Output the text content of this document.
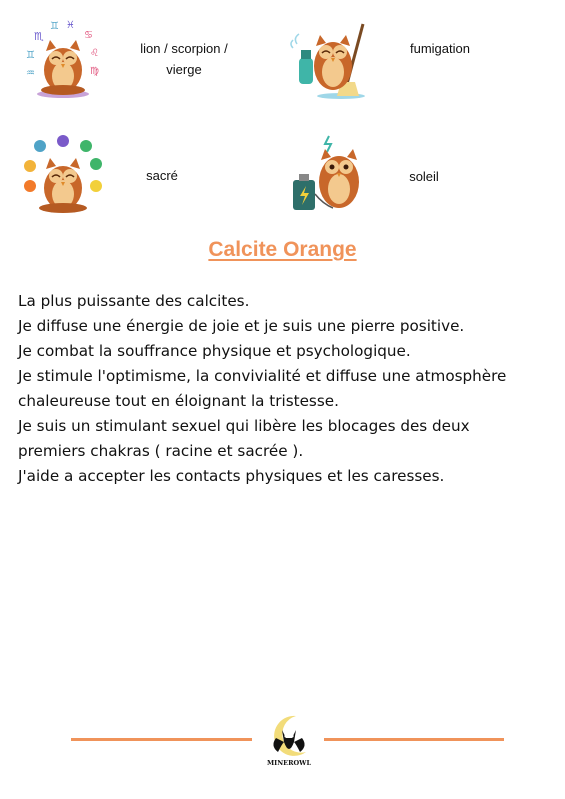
♏
♊ ♓
♋
♊	♌
♒	♍
lion / scorpion /
vierge
fumigation
sacré	soleil
Calcite Orange
La plus puissante des calcites.
Je diffuse une énergie de joie et je suis une pierre positive.
Je combat la souffrance physique et psychologique.
Je stimule l'optimisme, la convivialité et diffuse une atmosphère
chaleureuse tout en éloignant la tristesse.
Je suis un stimulant sexuel qui libère les blocages des deux
premiers chakras ( racine et sacrée ).
J'aide a accepter les contacts physiques et les caresses.
MINEROWL
